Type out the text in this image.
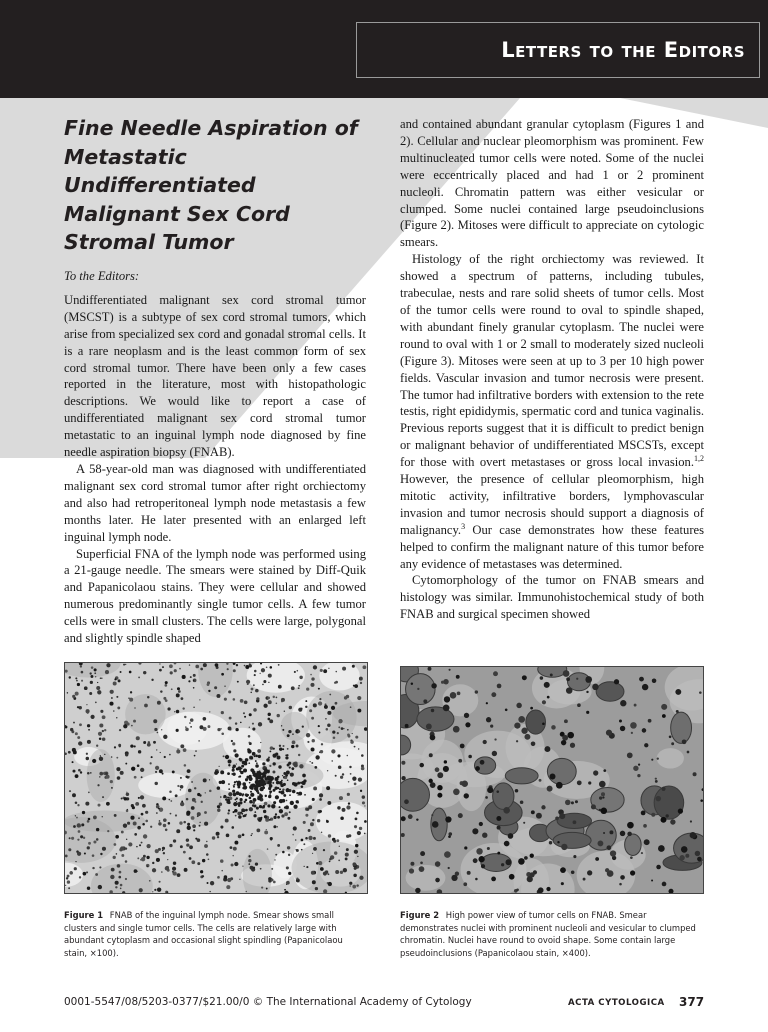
Letters to the Editors
Fine Needle Aspiration of Metastatic Undifferentiated Malignant Sex Cord Stromal Tumor

To the Editors:

Undifferentiated malignant sex cord stromal tumor (MSCST) is a subtype of sex cord stromal tumors, which arise from specialized sex cord and gonadal stromal cells. It is a rare neoplasm and is the least common form of sex cord stromal tumor. There have been only a few cases reported in the literature, most with histopathologic descriptions. We would like to report a case of undifferentiated malignant sex cord stromal tumor metastatic to an inguinal lymph node diagnosed by fine needle aspiration biopsy (FNAB).

A 58-year-old man was diagnosed with undifferentiated malignant sex cord stromal tumor after right orchiectomy and also had retroperitoneal lymph node metastasis a few months later. He later presented with an enlarged left inguinal lymph node.

Superficial FNA of the lymph node was performed using a 21-gauge needle. The smears were stained by Diff-Quik and Papanicolaou stains. They were cellular and showed numerous predominantly single tumor cells. A few tumor cells were in small clusters. The cells were large, polygonal and slightly spindle shaped

and contained abundant granular cytoplasm (Figures 1 and 2). Cellular and nuclear pleomorphism was prominent. Few multinucleated tumor cells were noted. Some of the nuclei were eccentrically placed and had 1 or 2 prominent nucleoli. Chromatin pattern was either vesicular or clumped. Some nuclei contained large pseudoinclusions (Figure 2). Mitoses were difficult to appreciate on cytologic smears.

Histology of the right orchiectomy was reviewed. It showed a spectrum of patterns, including tubules, trabeculae, nests and rare solid sheets of tumor cells. Most of the tumor cells were round to oval to spindle shaped, with abundant finely granular cytoplasm. The nuclei were round to oval with 1 or 2 small to moderately sized nucleoli (Figure 3). Mitoses were seen at up to 3 per 10 high power fields. Vascular invasion and tumor necrosis were present. The tumor had infiltrative borders with extension to the rete testis, right epididymis, spermatic cord and tunica vaginalis. Previous reports suggest that it is difficult to predict benign or malignant behavior of undifferentiated MSCSTs, except for those with overt metastases or gross local invasion.$^{1,2}$ However, the presence of cellular pleomorphism, high mitotic activity, infiltrative borders, lymphovascular invasion and tumor necrosis should support a diagnosis of malignancy.$^3$ Our case demonstrates how these features helped to confirm the malignant nature of this tumor before any evidence of metastases was determined.

Cytomorphology of the tumor on FNAB smears and histology was similar. Immunohistochemical study of both FNAB and surgical specimen showed

Figure 1 FNAB of the inguinal lymph node. Smear shows small clusters and single tumor cells. The cells are relatively large with abundant cytoplasm and occasional slight spindling (Papanicolaou stain, ×100).
Figure 2 High power view of tumor cells on FNAB. Smear demonstrates nuclei with prominent nucleoli and vesicular to clumped chromatin. Nuclei have round to ovoid shape. Some contain large pseudoinclusions (Papanicolaou stain, ×400).
0001-5547/08/5203-0377/$21.00/0 © The International Academy of Cytology	ACTA CYTOLOGICA 377
